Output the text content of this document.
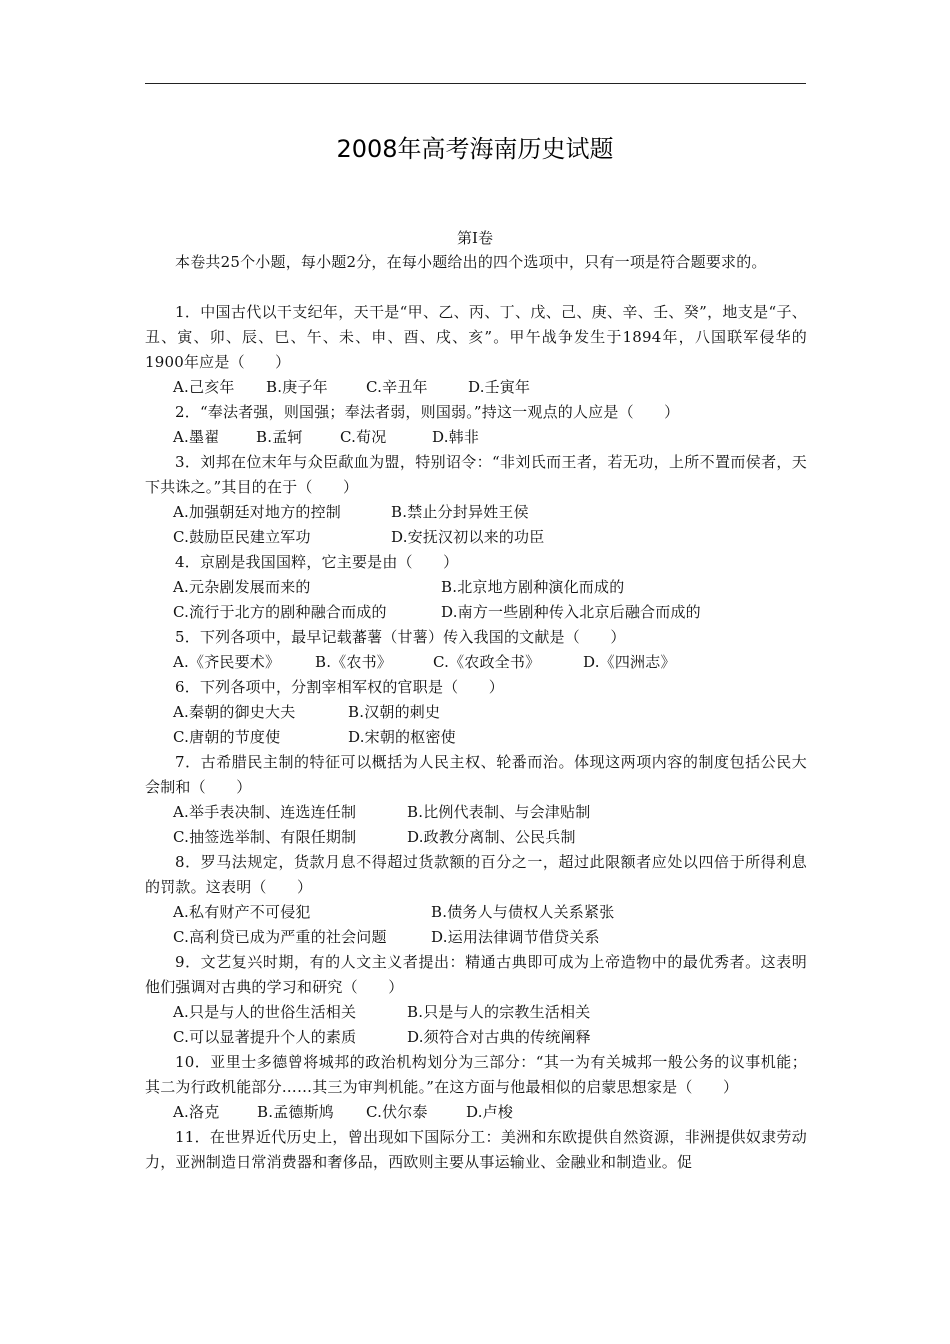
2008年高考海南历史试题
第Ⅰ卷

本卷共25个小题，每小题2分，在每小题给出的四个选项中，只有一项是符合题要求的。

1．中国古代以干支纪年，天干是“甲、乙、丙、丁、戊、己、庚、辛、壬、癸”，地支是“子、丑、寅、卯、辰、巳、午、未、申、酉、戌、亥”。甲午战争发生于1894年，八国联军侵华的1900年应是（　　）

A.己亥年 B.庚子年	C.辛丑年	D.壬寅年

2．“奉法者强，则国强；奉法者弱，则国弱。”持这一观点的人应是（　　）

A.墨翟 B.孟轲 C.荀况	D.韩非

3．刘邦在位末年与众臣歃血为盟，特别诏令：“非刘氏而王者，若无功，上所不置而侯者，天下共诛之。”其目的在于（　　）

A.加强朝廷对地方的控制	B.禁止分封异姓王侯
C.鼓励臣民建立军功	D.安抚汉初以来的功臣

4．京剧是我国国粹，它主要是由（　　）

A.元杂剧发展而来的	B.北京地方剧种演化而成的
C.流行于北方的剧种融合而成的	D.南方一些剧种传入北京后融合而成的

5．下列各项中，最早记载蕃薯（甘薯）传入我国的文献是（　　）

A.《齐民要术》 B.《农书》	C.《农政全书》	D.《四洲志》

6．下列各项中，分割宰相军权的官职是（　　）

A.秦朝的御史大夫	B.汉朝的刺史
C.唐朝的节度使	D.宋朝的枢密使

7．古希腊民主制的特征可以概括为人民主权、轮番而治。体现这两项内容的制度包括公民大会制和（　　）

A.举手表决制、连选连任制	B.比例代表制、与会津贴制
C.抽签选举制、有限任期制	D.政教分离制、公民兵制

8．罗马法规定，货款月息不得超过货款额的百分之一，超过此限额者应处以四倍于所得利息的罚款。这表明（　　）

A.私有财产不可侵犯	B.债务人与债权人关系紧张
C.高利贷已成为严重的社会问题	D.运用法律调节借贷关系

9．文艺复兴时期，有的人文主义者提出：精通古典即可成为上帝造物中的最优秀者。这表明他们强调对古典的学习和研究（　　）

A.只是与人的世俗生活相关	B.只是与人的宗教生活相关
C.可以显著提升个人的素质	D.须符合对古典的传统阐释

10．亚里士多德曾将城邦的政治机构划分为三部分：“其一为有关城邦一般公务的议事机能；其二为行政机能部分……其三为审判机能。”在这方面与他最相似的启蒙思想家是（　　）

A.洛克	B.孟德斯鸠 C.伏尔泰	D.卢梭

11．在世界近代历史上，曾出现如下国际分工：美洲和东欧提供自然资源，非洲提供奴隶劳动力，亚洲制造日常消费器和奢侈品，西欧则主要从事运输业、金融业和制造业。促
